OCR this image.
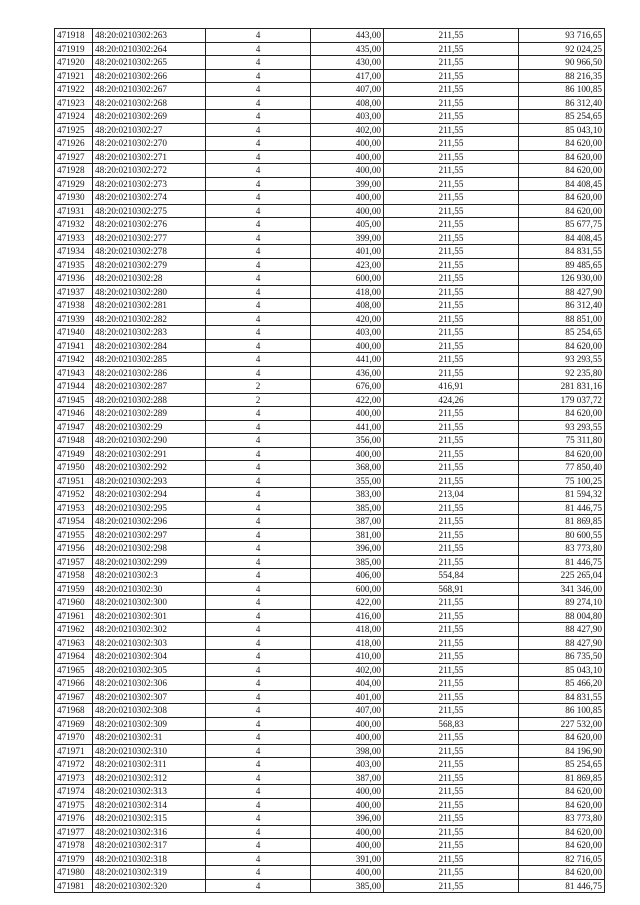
471918	48:20:0210302:263	4	443,00	211,55	93 716,65
471919	48:20:0210302:264	4	435,00	211,55	92 024,25
471920	48:20:0210302:265	4	430,00	211,55	90 966,50
471921	48:20:0210302:266	4	417,00	211,55	88 216,35
471922	48:20:0210302:267	4	407,00	211,55	86 100,85
471923	48:20:0210302:268	4	408,00	211,55	86 312,40
471924	48:20:0210302:269	4	403,00	211,55	85 254,65
471925	48:20:0210302:27	4	402,00	211,55	85 043,10
471926	48:20:0210302:270	4	400,00	211,55	84 620,00
471927	48:20:0210302:271	4	400,00	211,55	84 620,00
471928	48:20:0210302:272	4	400,00	211,55	84 620,00
471929	48:20:0210302:273	4	399,00	211,55	84 408,45
471930	48:20:0210302:274	4	400,00	211,55	84 620,00
471931	48:20:0210302:275	4	400,00	211,55	84 620,00
471932	48:20:0210302:276	4	405,00	211,55	85 677,75
471933	48:20:0210302:277	4	399,00	211,55	84 408,45
471934	48:20:0210302:278	4	401,00	211,55	84 831,55
471935	48:20:0210302:279	4	423,00	211,55	89 485,65
471936	48:20:0210302:28	4	600,00	211,55	126 930,00
471937	48:20:0210302:280	4	418,00	211,55	88 427,90
471938	48:20:0210302:281	4	408,00	211,55	86 312,40
471939	48:20:0210302:282	4	420,00	211,55	88 851,00
471940	48:20:0210302:283	4	403,00	211,55	85 254,65
471941	48:20:0210302:284	4	400,00	211,55	84 620,00
471942	48:20:0210302:285	4	441,00	211,55	93 293,55
471943	48:20:0210302:286	4	436,00	211,55	92 235,80
471944	48:20:0210302:287	2	676,00	416,91	281 831,16
471945	48:20:0210302:288	2	422,00	424,26	179 037,72
471946	48:20:0210302:289	4	400,00	211,55	84 620,00
471947	48:20:0210302:29	4	441,00	211,55	93 293,55
471948	48:20:0210302:290	4	356,00	211,55	75 311,80
471949	48:20:0210302:291	4	400,00	211,55	84 620,00
471950	48:20:0210302:292	4	368,00	211,55	77 850,40
471951	48:20:0210302:293	4	355,00	211,55	75 100,25
471952	48:20:0210302:294	4	383,00	213,04	81 594,32
471953	48:20:0210302:295	4	385,00	211,55	81 446,75
471954	48:20:0210302:296	4	387,00	211,55	81 869,85
471955	48:20:0210302:297	4	381,00	211,55	80 600,55
471956	48:20:0210302:298	4	396,00	211,55	83 773,80
471957	48:20:0210302:299	4	385,00	211,55	81 446,75
471958	48:20:0210302:3	4	406,00	554,84	225 265,04
471959	48:20:0210302:30	4	600,00	568,91	341 346,00
471960	48:20:0210302:300	4	422,00	211,55	89 274,10
471961	48:20:0210302:301	4	416,00	211,55	88 004,80
471962	48:20:0210302:302	4	418,00	211,55	88 427,90
471963	48:20:0210302:303	4	418,00	211,55	88 427,90
471964	48:20:0210302:304	4	410,00	211,55	86 735,50
471965	48:20:0210302:305	4	402,00	211,55	85 043,10
471966	48:20:0210302:306	4	404,00	211,55	85 466,20
471967	48:20:0210302:307	4	401,00	211,55	84 831,55
471968	48:20:0210302:308	4	407,00	211,55	86 100,85
471969	48:20:0210302:309	4	400,00	568,83	227 532,00
471970	48:20:0210302:31	4	400,00	211,55	84 620,00
471971	48:20:0210302:310	4	398,00	211,55	84 196,90
471972	48:20:0210302:311	4	403,00	211,55	85 254,65
471973	48:20:0210302:312	4	387,00	211,55	81 869,85
471974	48:20:0210302:313	4	400,00	211,55	84 620,00
471975	48:20:0210302:314	4	400,00	211,55	84 620,00
471976	48:20:0210302:315	4	396,00	211,55	83 773,80
471977	48:20:0210302:316	4	400,00	211,55	84 620,00
471978	48:20:0210302:317	4	400,00	211,55	84 620,00
471979	48:20:0210302:318	4	391,00	211,55	82 716,05
471980	48:20:0210302:319	4	400,00	211,55	84 620,00
471981	48:20:0210302:320	4	385,00	211,55	81 446,75
